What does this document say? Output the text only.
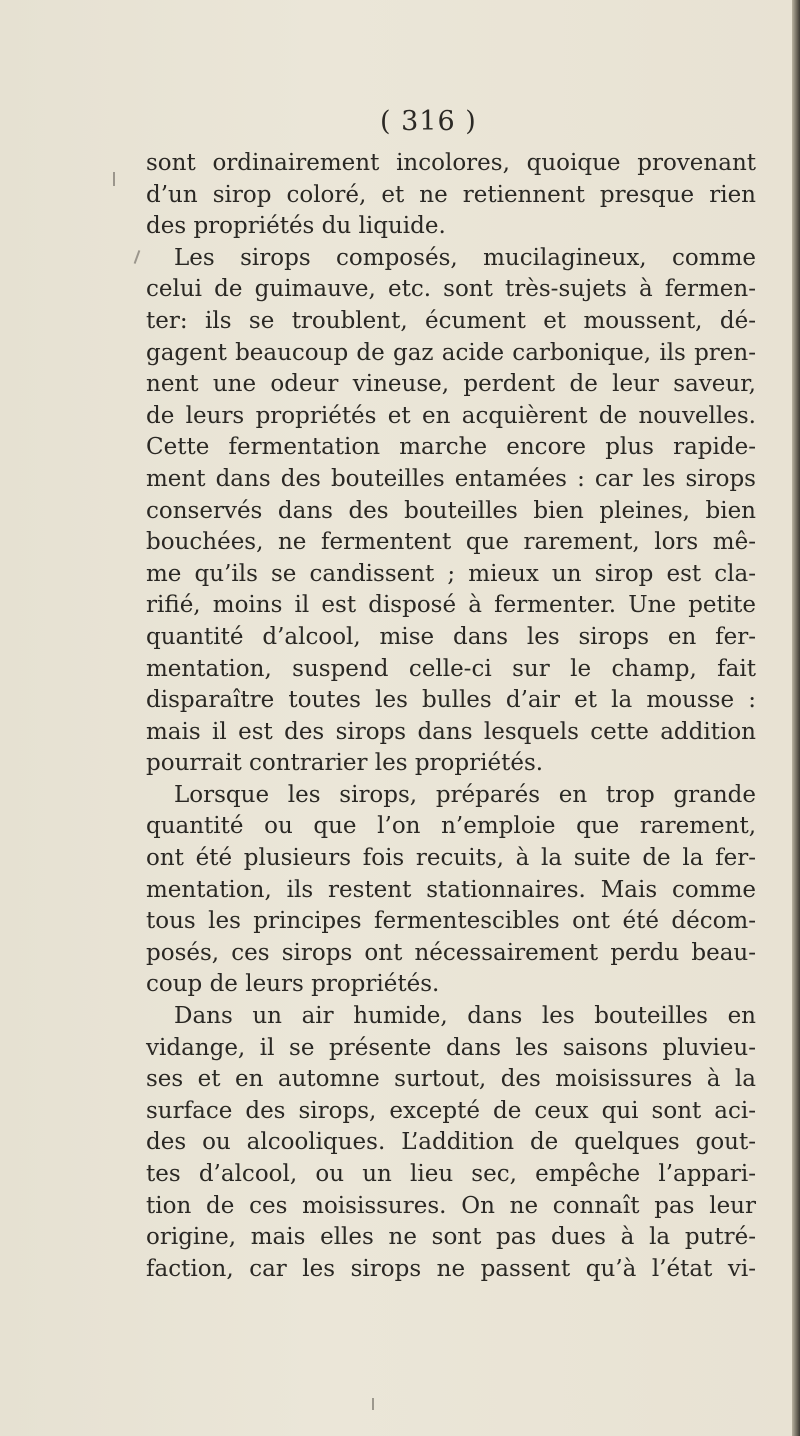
( 316 )
sont ordinairement incolores, quoique provenant
d’un sirop coloré, et ne retiennent presque rien
des propriétés du liquide.
Les sirops composés, mucilagineux, comme
celui de guimauve, etc. sont très-sujets à fermen-
ter: ils se troublent, écument et moussent, dé-
gagent beaucoup de gaz acide carbonique, ils pren-
nent une odeur vineuse, perdent de leur saveur,
de leurs propriétés et en acquièrent de nouvelles.
Cette fermentation marche encore plus rapide-
ment dans des bouteilles entamées : car les sirops
conservés dans des bouteilles bien pleines, bien
bouchées, ne fermentent que rarement, lors mê-
me qu’ils se candissent ; mieux un sirop est cla-
rifié, moins il est disposé à fermenter. Une petite
quantité d’alcool, mise dans les sirops en fer-
mentation, suspend celle-ci sur le champ, fait
disparaître toutes les bulles d’air et la mousse :
mais il est des sirops dans lesquels cette addition
pourrait contrarier les propriétés.
Lorsque les sirops, préparés en trop grande
quantité ou que l’on n’emploie que rarement,
ont été plusieurs fois recuits, à la suite de la fer-
mentation, ils restent stationnaires. Mais comme
tous les principes fermentescibles ont été décom-
posés, ces sirops ont nécessairement perdu beau-
coup de leurs propriétés.
Dans un air humide, dans les bouteilles en
vidange, il se présente dans les saisons pluvieu-
ses et en automne surtout, des moisissures à la
surface des sirops, excepté de ceux qui sont aci-
des ou alcooliques. L’addition de quelques gout-
tes d’alcool, ou un lieu sec, empêche l’appari-
tion de ces moisissures. On ne connaît pas leur
origine, mais elles ne sont pas dues à la putré-
faction, car les sirops ne passent qu’à l’état vi-
